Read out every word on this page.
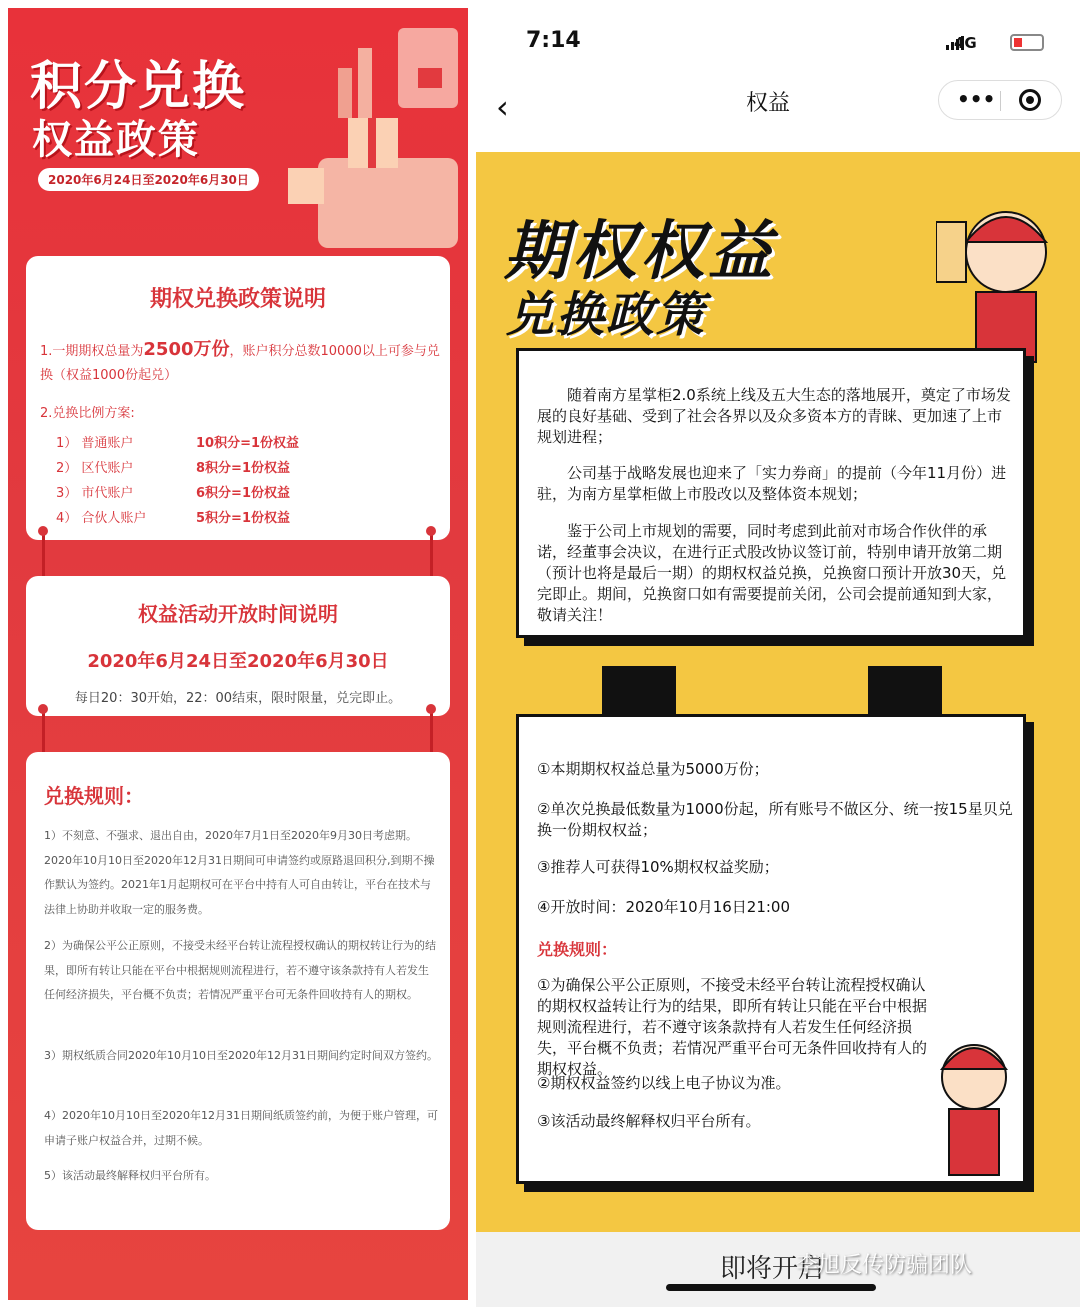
积分兑换
权益政策
2020年6月24日至2020年6月30日
期权兑换政策说明
1.一期期权总量为2500万份，账户积分总数10000以上可参与兑换（权益1000份起兑）
2.兑换比例方案:
1） 普通账户	10积分=1份权益
2） 区代账户	8积分=1份权益
3） 市代账户	6积分=1份权益
4） 合伙人账户	5积分=1份权益
权益活动开放时间说明
2020年6月24日至2020年6月30日
每日20：30开始，22：00结束，限时限量，兑完即止。
兑换规则：
1）不刻意、不强求、退出自由，2020年7月1日至2020年9月30日考虑期。2020年10月10日至2020年12月31日期间可申请签约或原路退回积分,到期不操作默认为签约。2021年1月起期权可在平台中持有人可自由转让，平台在技术与法律上协助并收取一定的服务费。
2）为确保公平公正原则，不接受未经平台转让流程授权确认的期权转让行为的结果，即所有转让只能在平台中根据规则流程进行，若不遵守该条款持有人若发生任何经济损失，平台概不负责；若情况严重平台可无条件回收持有人的期权。
3）期权纸质合同2020年10月10日至2020年12月31日期间约定时间双方签约。
4）2020年10月10日至2020年12月31日期间纸质签约前，为便于账户管理，可申请子账户权益合并，过期不候。
5）该活动最终解释权归平台所有。
7:14	4G
‹	权益	•••
期权权益
兑换政策
随着南方星掌柜2.0系统上线及五大生态的落地展开，奠定了市场发展的良好基础、受到了社会各界以及众多资本方的青睐、更加速了上市规划进程；
公司基于战略发展也迎来了「实力券商」的提前（今年11月份）进驻，为南方星掌柜做上市股改以及整体资本规划；
鉴于公司上市规划的需要，同时考虑到此前对市场合作伙伴的承诺，经董事会决议，在进行正式股改协议签订前，特别申请开放第二期（预计也将是最后一期）的期权权益兑换，兑换窗口预计开放30天，兑完即止。期间，兑换窗口如有需要提前关闭，公司会提前通知到大家，敬请关注！
①本期期权权益总量为5000万份；
②单次兑换最低数量为1000份起，所有账号不做区分、统一按15星贝兑换一份期权权益；
③推荐人可获得10%期权权益奖励；
④开放时间：2020年10月16日21:00
兑换规则：
①为确保公平公正原则，不接受未经平台转让流程授权确认的期权权益转让行为的结果，即所有转让只能在平台中根据规则流程进行，若不遵守该条款持有人若发生任何经济损失，平台概不负责；若情况严重平台可无条件回收持有人的期权权益。
②期权权益签约以线上电子协议为准。
③该活动最终解释权归平台所有。
即将开启
李旭反传防骗团队
